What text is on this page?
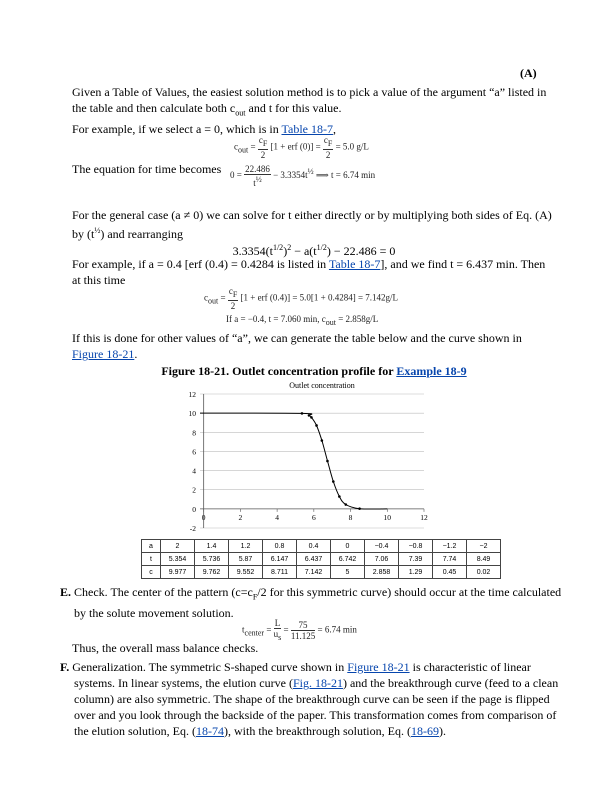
(A)
Given a Table of Values, the easiest solution method is to pick a value of the argument “a” listed in the table and then calculate both $c_{out}$ and t for this value.
For example, if we select a = 0, which is in Table 18-7,
$c_{out} = \frac{c_F}{2} [1$ + erf $(0)] = \frac{c_F}{2} = 5.0$ g/L
The equation for time becomes $0 = \frac{22.486}{t^{\frac{1}{2}}} - 3.3354t^{\frac{1}{2}}$ ⟹ t = 6.74 min
For the general case (a ≠ 0) we can solve for t either directly or by multiplying both sides of Eq. (A) by $(t^{\frac{1}{2}})$ and rearranging
$3.3354(t^{1/2})^2 - a(t^{1/2}) - 22.486 = 0$
For example, if a = 0.4 [erf (0.4) = 0.4284 is listed in Table 18-7], and we find t = 6.437 min. Then at this time
$c_{out} = \frac{c_F}{2} [1$ + erf (0.4)] = 5.0[1 + 0.4284] = 7.142g/L
If a = −0.4, t = 7.060 min, $c_{out} = 2.858g/L$
If this is done for other values of “a”, we can generate the table below and the curve shown in Figure 18-21.
Figure 18-21. Outlet concentration profile for Example 18-9
Outlet concentration
-2
0
2
4
6
8
10
12
0	2	4	6	8	10	12
a	2	1.4	1.2	0.8	0.4	0	−0.4	−0.8	−1.2	−2
t	5.354	5.736	5.87	6.147	6.437	6.742	7.06	7.39	7.74	8.49
c	9.977	9.762	9.552	8.711	7.142	5	2.858	1.29	0.45	0.02
E. Check. The center of the pattern ($c=c_F/2$ for this symmetric curve) should occur at the time calculated by the solute movement solution.
$t_{center} = \frac{L}{u_s} = \frac{75}{11.125} = 6.74$ min
Thus, the overall mass balance checks.
F. Generalization. The symmetric S-shaped curve shown in Figure 18-21 is characteristic of linear systems. In linear systems, the elution curve (Fig. 18-21) and the breakthrough curve (feed to a clean column) are also symmetric. The shape of the breakthrough curve can be seen if the page is flipped over and you look through the backside of the paper. This transformation comes from comparison of the elution solution, Eq. (18-74), with the breakthrough solution, Eq. (18-69).
